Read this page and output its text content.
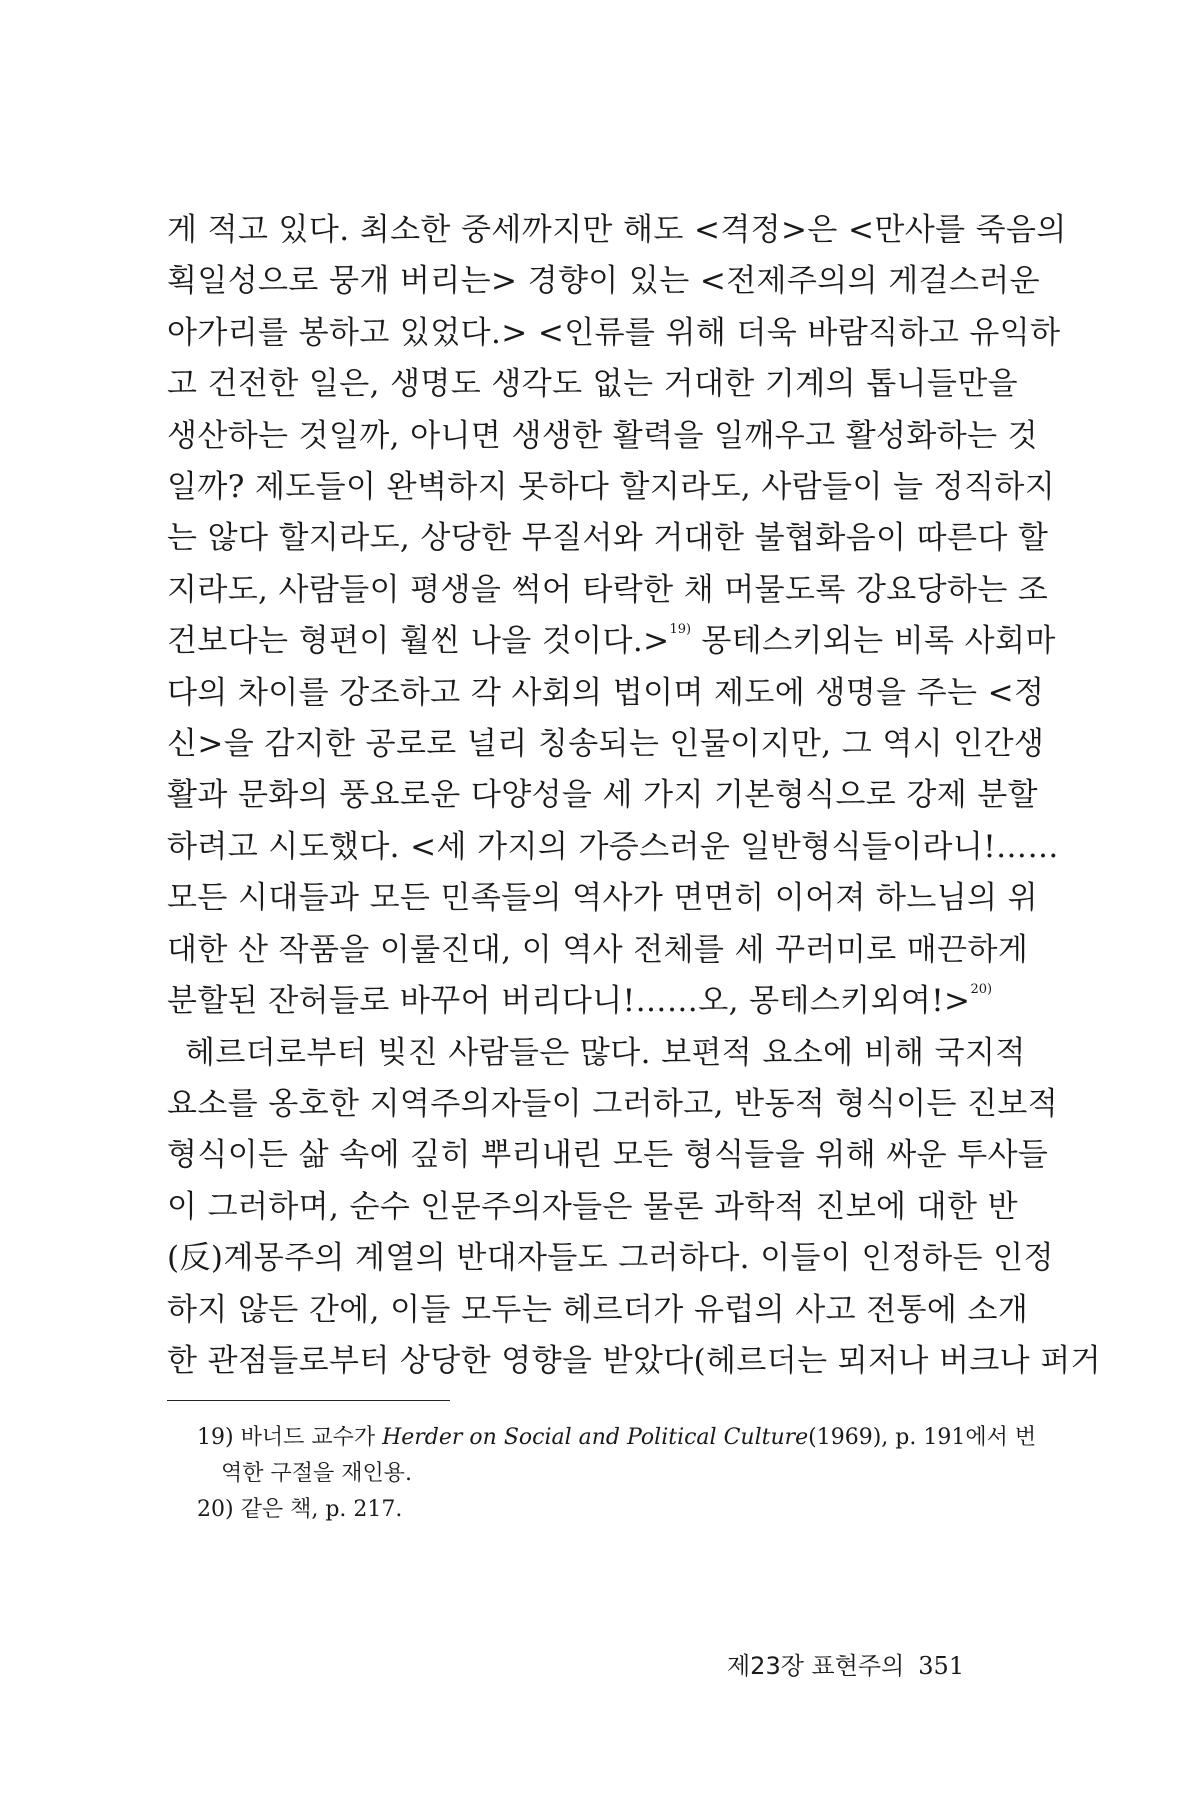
게 적고 있다. 최소한 중세까지만 해도 <격정>은 <만사를 죽음의
획일성으로 뭉개 버리는> 경향이 있는 <전제주의의 게걸스러운
아가리를 봉하고 있었다.> <인류를 위해 더욱 바람직하고 유익하
고 건전한 일은, 생명도 생각도 없는 거대한 기계의 톱니들만을
생산하는 것일까, 아니면 생생한 활력을 일깨우고 활성화하는 것
일까? 제도들이 완벽하지 못하다 할지라도, 사람들이 늘 정직하지
는 않다 할지라도, 상당한 무질서와 거대한 불협화음이 따른다 할
지라도, 사람들이 평생을 썩어 타락한 채 머물도록 강요당하는 조
건보다는 형편이 훨씬 나을 것이다.>$^{19)}$ 몽테스키외는 비록 사회마
다의 차이를 강조하고 각 사회의 법이며 제도에 생명을 주는 <정
신>을 감지한 공로로 널리 칭송되는 인물이지만, 그 역시 인간생
활과 문화의 풍요로운 다양성을 세 가지 기본형식으로 강제 분할
하려고 시도했다. <세 가지의 가증스러운 일반형식들이라니!……
모든 시대들과 모든 민족들의 역사가 면면히 이어져 하느님의 위
대한 산 작품을 이룰진대, 이 역사 전체를 세 꾸러미로 매끈하게
분할된 잔허들로 바꾸어 버리다니!……오, 몽테스키외여!>$^{20)}$

헤르더로부터 빚진 사람들은 많다. 보편적 요소에 비해 국지적
요소를 옹호한 지역주의자들이 그러하고, 반동적 형식이든 진보적
형식이든 삶 속에 깊히 뿌리내린 모든 형식들을 위해 싸운 투사들
이 그러하며, 순수 인문주의자들은 물론 과학적 진보에 대한 반
(反)계몽주의 계열의 반대자들도 그러하다. 이들이 인정하든 인정
하지 않든 간에, 이들 모두는 헤르더가 유럽의 사고 전통에 소개
한 관점들로부터 상당한 영향을 받았다(헤르더는 뫼저나 버크나 퍼거

19) 바너드 교수가 Herder on Social and Political Culture(1969), p. 191에서 번
역한 구절을 재인용.

20) 같은 책, p. 217.

제23장 표현주의 351
